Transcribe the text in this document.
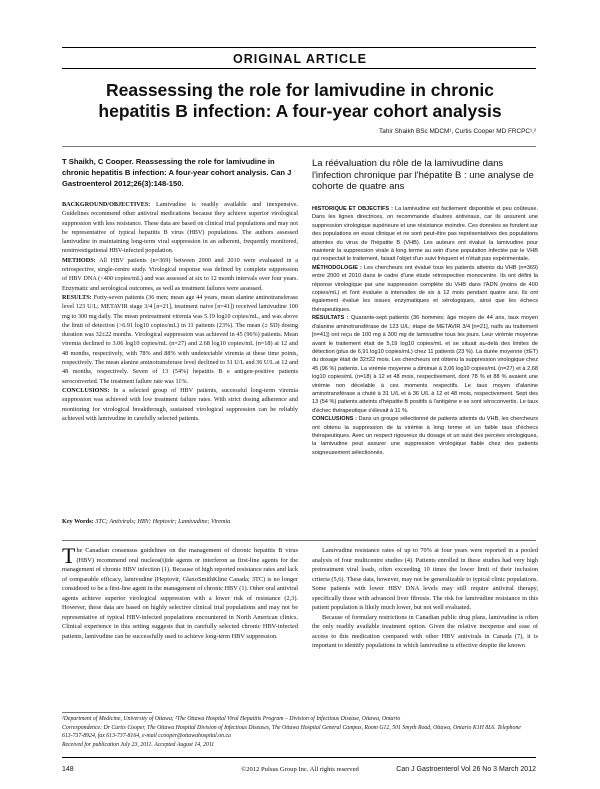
ORIGINAL ARTICLE
Reassessing the role for lamivudine in chronic hepatitis B infection: A four-year cohort analysis
Tahir Shaikh BSc MDCM¹, Curtis Cooper MD FRCPC¹,²
T Shaikh, C Cooper. Reassessing the role for lamivudine in chronic hepatitis B infection: A four-year cohort analysis. Can J Gastroenterol 2012;26(3):148-150.
La réévaluation du rôle de la lamivudine dans l'infection chronique par l'hépatite B : une analyse de cohorte de quatre ans

BACKGROUND/OBJECTIVES: Lamivudine is readily available and inexpensive. Guidelines recommend other antiviral medications because they achieve superior virological suppression with less resistance. These data are based on clinical trial populations and may not be representative of typical hepatitis B virus (HBV) populations. The authors assessed lamivudine in maintaining long-term viral suppression in an adherent, frequently monitored, noninvestigational HBV-infected population.

METHODS: All HBV patients (n=369) between 2000 and 2010 were evaluated in a retrospective, single-centre study. Virological response was defined by complete suppression of HBV DNA (<400 copies/mL) and was assessed at six to 12 month intervals over four years. Enzymatic and serological outcomes, as well as treatment failures were assessed.

RESULTS: Forty-seven patients (36 men; mean age 44 years, mean alanine aminotransferase level 123 U/L; METAVIR stage 3/4 [n=21], treatment naive [n=41]) received lamivudine 100 mg to 300 mg daily. The mean pretreatment viremia was 5.19 log10 copies/mL, and was above the limit of detection (>6.91 log10 copies/mL) in 11 patients (23%). The mean (± SD) dosing duration was 32±22 months. Virological suppression was achieved in 45 (96%) patients. Mean viremia declined to 3.06 log10 copies/mL (n=27) and 2.68 log10 copies/mL (n=18) at 12 and 48 months, respectively, with 78% and 88% with undetectable viremia at these time points, respectively. The mean alanine aminotransferase level declined to 31 U/L and 36 U/L at 12 and 48 months, respectively. Seven of 13 (54%) hepatitis B e antigen-positive patients seroconverted. The treatment failure rate was 11%.

CONCLUSIONS: In a selected group of HBV patients, successful long-term viremia suppression was achieved with low treatment failure rates. With strict dosing adherence and monitoring for virological breakthrough, sustained virological suppression can be reliably achieved with lamivudine in carefully selected patients.

Key Words: 3TC; Antivirals; HBV; Heptovir; Lamivudine; Viremia

HISTORIQUE ET OBJECTIFS : La lamivudine est facilement disponible et peu coûteuse. Dans les lignes directrices, on recommande d'autres antiviraux, car ils assurent une suppression virologique supérieure et une résistance moindre. Ces données se fondent sur des populations en essai clinique et ne sont peut-être pas représentatives des populations atteintes du virus de l'hépatite B (VHB). Les auteurs ont évalué la lamivudine pour maintenir la suppression virale à long terme au sein d'une population infectée par le VHB qui respectait le traitement, faisait l'objet d'un suivi fréquent et n'était pas expérimentale.

MÉTHODOLOGIE : Les chercheurs ont évalué tous les patients atteints du VHB (n=369) entre 2000 et 2010 dans le cadre d'une étude rétrospective monocentre. Ils ont défini la réponse virologique par une suppression complète du VHB dans l'ADN (moins de 400 copies/mL) et l'ont évaluée à intervalles de six à 12 mois pendant quatre ans. Ils ont également évalué les issues enzymatiques et sérologiques, ainsi que les échecs thérapeutiques.

RÉSULTATS : Quarante-sept patients (36 hommes; âge moyen de 44 ans, taux moyen d'alanine aminotransférase de 123 U/L; étape de METAVIR 3/4 [n=21], naïfs au traitement [n=41]) ont reçu de 100 mg à 300 mg de lamivudine tous les jours. Leur virémie moyenne avant le traitement était de 5,19 log10 copies/mL et se situait au-delà des limites de détection (plus de 6,91 log10 copies/mL) chez 11 patients (23 %). La durée moyenne (±ET) du dosage était de 32±22 mois. Les chercheurs ont obtenu la suppression virologique chez 45 (96 %) patients. La virémie moyenne a diminué à 3,06 log10 copies/mL (n=27) et à 2,68 log10 copies/mL (n=18) à 12 et 48 mois, respectivement, dont 78 % et 88 % avaient une virémie non décelable à ces moments respectifs. Le taux moyen d'alanine aminotransférase a chuté à 31 U/L et à 36 U/L à 12 et 48 mois, respectivement. Sept des 13 (54 %) patients atteints d'hépatite B positifs à l'antigène e se sont séroconvertis. Le taux d'échec thérapeutique s'élevait à 11 %.

CONCLUSIONS : Dans un groupe sélectionné de patients atteints du VHB, les chercheurs ont obtenu la suppression de la virémie à long terme et un faible taux d'échecs thérapeutiques. Avec un respect rigoureux du dosage et un suivi des percées virologiques, la lamivudine peut assurer une suppression virologique fiable chez des patients soigneusement sélectionnés.

The Canadian consensus guidelines on the management of chronic hepatitis B virus (HBV) recommend oral nucleos(t)ide agents or interferon as first-line agents for the management of chronic HBV infection (1). Because of high reported resistance rates and lack of comparable efficacy, lamivudine (Heptovir, GlaxoSmithKline Canada; 3TC) is no longer considered to be a first-line agent in the management of chronic HBV (1). Other oral antiviral agents achieve superior virological suppression with a lower risk of resistance (2,3). However, these data are based on highly selective clinical trial populations and may not be representative of typical HBV-infected populations encountered in North American clinics. Clinical experience in this setting suggests that in carefully selected chronic HBV-infected patients, lamivudine can be successfully used to achieve long-term HBV suppression.

Lamivudine resistance rates of up to 70% at four years were reported in a pooled analysis of four multicentre studies (4). Patients enrolled in these studies had very high pretreatment viral loads, often exceeding 10 times the lower limit of their inclusion criteria (5,6). These data, however, may not be generalizable to typical clinic populations. Some patients with lower HBV DNA levels may still require antiviral therapy, specifically those with advanced liver fibrosis. The risk for lamivudine resistance in this patient population is likely much lower, but not well evaluated.

Because of formulary restrictions in Canadian public drug plans, lamivudine is often the only readily available treatment option. Given the relative inexpense and ease of access to this medication compared with other HBV antivirals in Canada (7), it is important to identify populations in which lamivudine is effective despite the known

¹Department of Medicine, University of Ottawa; ²The Ottawa Hospital Viral Hepatitis Program – Division of Infectious Disease, Ottawa, Ontario

Correspondence: Dr Curtis Cooper, The Ottawa Hospital Division of Infectious Diseases, The Ottawa Hospital General Campus, Room G12, 501 Smyth Road, Ottawa, Ontario K1H 8L6. Telephone 613-737-8924, fax 613-737-8164, e-mail ccooper@ottawahospital.on.ca

Received for publication July 23, 2011. Accepted August 14, 2011

148	©2012 Pulsus Group Inc. All rights reserved	Can J Gastroenterol Vol 26 No 3 March 2012
